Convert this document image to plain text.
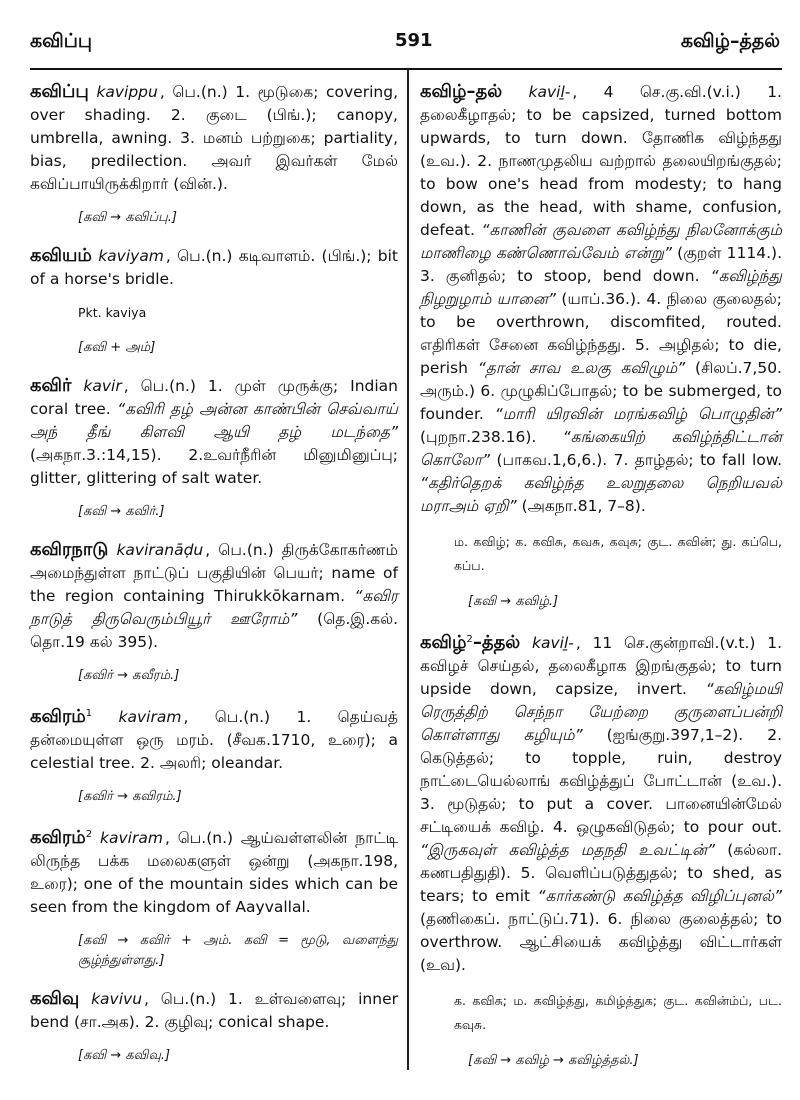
கவிப்பு	591	கவிழ்–த்தல்
கவிப்பு kavippu , பெ.(n.) 1. மூடுகை; covering, over shading. 2. குடை (பிங்.); canopy, umbrella, awning. 3. மனம் பற்றுகை; partiality, bias, predilection. அவர் இவர்கள் மேல் கவிப்பாயிருக்கிறார் (வின்.).
[கவி → கவிப்பு.]
கவியம் kaviyam , பெ.(n.) கடிவாளம். (பிங்.); bit of a horse's bridle.
Pkt. kaviya
[கவி + அம்]
கவிர் kavir , பெ.(n.) 1. முள் முருக்கு; Indian coral tree. “கவிரி தழ் அன்ன காண்பின் செவ்வாய் அந் தீங் கிளவி ஆயி தழ் மடந்தை” (அகநா.3.:14,15). 2.உவர்நீரின் மினுமினுப்பு; glitter, glittering of salt water.
[கவி → கவிர்.]
கவிரநாடு kaviranāḍu , பெ.(n.) திருக்கோகர்ணம் அமைந்துள்ள நாட்டுப் பகுதியின் பெயர்; name of the region containing Thirukkōkarnam. “கவிர நாடுத் திருவெரும்பியூர் ஊரோம்” (தெ.இ.கல். தொ.19 கல் 395).
[கவிர் → கவீரம்.]
கவிரம்$^1$ kaviram , பெ.(n.) 1. தெய்வத் தன்மையுள்ள ஒரு மரம். (சீவக.1710, உரை); a celestial tree. 2. அலரி; oleandar.
[கவிர் → கவிரம்.]
கவிரம்$^2$ kaviram , பெ.(n.) ஆய்வள்ளலின் நாட்டி லிருந்த பக்க மலைகளுள் ஒன்று (அகநா.198, உரை); one of the mountain sides which can be seen from the kingdom of Aayvallal.
[கவி → கவிர் + அம். கவி = மூடு, வளைந்து சூழ்ந்துள்ளது.]
கவிவு kavivu , பெ.(n.) 1. உள்வளைவு; inner bend (சா.அக). 2. குழிவு; conical shape.
[கவி → கவிவு.]
கவிழ்–தல் kaviḻ- , 4 செ.கு.வி.(v.i.) 1. தலைகீழாதல்; to be capsized, turned bottom upwards, to turn down. தோணிக விழ்ந்தது (உவ.). 2. நாணமுதலிய வற்றால் தலையிறங்குதல்; to bow one's head from modesty; to hang down, as the head, with shame, confusion, defeat. “காணின் குவளை கவிழ்ந்து நிலனோக்கும் மாணிழை கண்ணொவ்வேம் என்று” (குறள் 1114.). 3. குனிதல்; to stoop, bend down. “கவிழ்ந்து நிழறுழாம் யானை” (யாப்.36.). 4. நிலை குலைதல்; to be overthrown, discomfited, routed. எதிரிகள் சேனை கவிழ்ந்தது. 5. அழிதல்; to die, perish “தான் சாவ உலகு கவிழும்” (சிலப்.7,50. அரும்.) 6. முழுகிப்போதல்; to be submerged, to founder. “மாரி யிரவின் மரங்கவிழ் பொழுதின்” (புறநா.238.16). “கங்கையிற் கவிழ்ந்திட்டான் கொலோ” (பாகவ.1,6,6.). 7. தாழ்தல்; to fall low. “கதிர்தெறக் கவிழ்ந்த உலறுதலை நெறியவல் மராஅம் ஏறி” (அகநா.81, 7–8).
ம. கவிழ்; க. கவிசு, கவசு, கவுசு; குட. கவின்; து. கப்பெ, கப்ப.
[கவி → கவிழ்.]
கவிழ்$^2$–த்தல் kaviḻ- , 11 செ.குன்றாவி.(v.t.) 1. கவிழச் செய்தல், தலைகீழாக இறங்குதல்; to turn upside down, capsize, invert. “கவிழ்மயி ரெருத்திற் செந்நா யேற்றை குருளைப்பன்றி கொள்ளாது கழியும்” (ஐங்குறு.397,1–2). 2. கெடுத்தல்; to topple, ruin, destroy நாட்டையெல்லாங் கவிழ்த்துப் போட்டான் (உவ.). 3. மூடுதல்; to put a cover. பானையின்மேல் சட்டியைக் கவிழ். 4. ஒழுகவிடுதல்; to pour out. “இருகவுள் கவிழ்த்த மதநதி உவட்டின்” (கல்லா. கணபதிதுதி). 5. வெளிப்படுத்துதல்; to shed, as tears; to emit “கார்கண்டு கவிழ்த்த விழிப்புனல்” (தணிகைப். நாட்டுப்.71). 6. நிலை குலைத்தல்; to overthrow. ஆட்சியைக் கவிழ்த்து விட்டார்கள் (உவ).
க. கவிசு; ம. கவிழ்த்து, கமிழ்த்துக; குட. கவின்ம்ப், பட. கவுசு.
[கவி → கவிழ் → கவிழ்த்தல்.]
